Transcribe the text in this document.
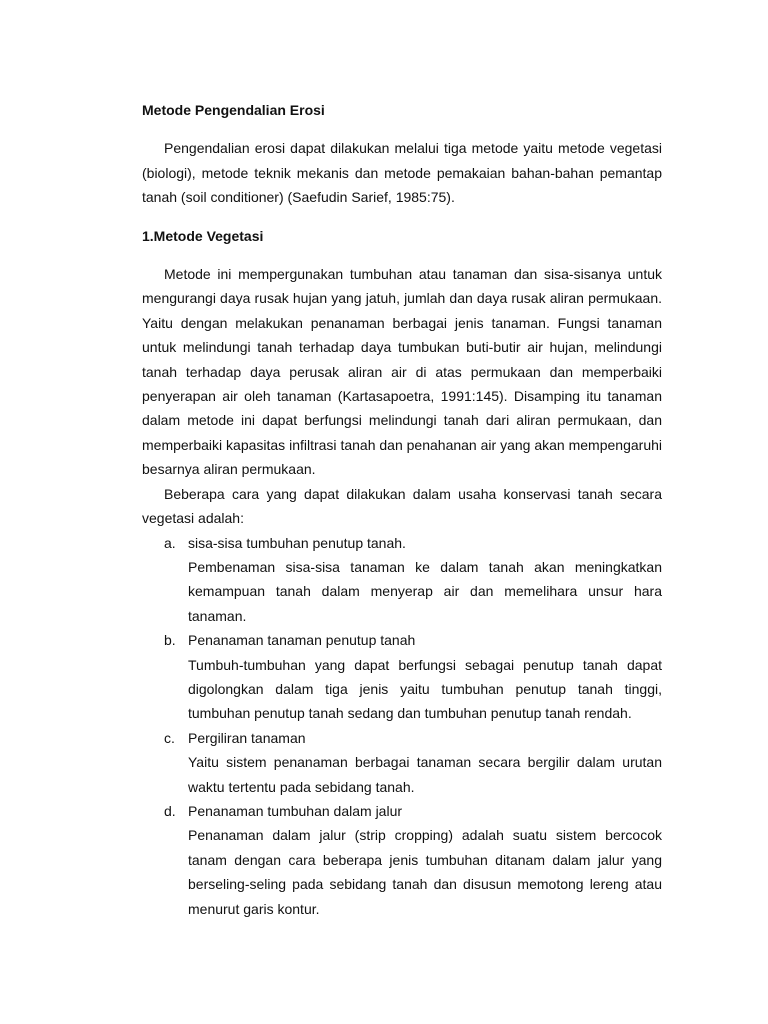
Metode Pengendalian Erosi

Pengendalian erosi dapat dilakukan melalui tiga metode yaitu metode vegetasi (biologi), metode teknik mekanis dan metode pemakaian bahan-bahan pemantap tanah (soil conditioner) (Saefudin Sarief, 1985:75).

1.Metode Vegetasi

Metode ini mempergunakan tumbuhan atau tanaman dan sisa-sisanya untuk mengurangi daya rusak hujan yang jatuh, jumlah dan daya rusak aliran permukaan. Yaitu dengan melakukan penanaman berbagai jenis tanaman. Fungsi tanaman untuk melindungi tanah terhadap daya tumbukan buti-butir air hujan, melindungi tanah terhadap daya perusak aliran air di atas permukaan dan memperbaiki penyerapan air oleh tanaman (Kartasapoetra, 1991:145). Disamping itu tanaman dalam metode ini dapat berfungsi melindungi tanah dari aliran permukaan, dan memperbaiki kapasitas infiltrasi tanah dan penahanan air yang akan mempengaruhi besarnya aliran permukaan.

Beberapa cara yang dapat dilakukan dalam usaha konservasi tanah secara vegetasi adalah:

a. sisa-sisa tumbuhan penutup tanah.
Pembenaman sisa-sisa tanaman ke dalam tanah akan meningkatkan kemampuan tanah dalam menyerap air dan memelihara unsur hara tanaman.
b. Penanaman tanaman penutup tanah
Tumbuh-tumbuhan yang dapat berfungsi sebagai penutup tanah dapat digolongkan dalam tiga jenis yaitu tumbuhan penutup tanah tinggi, tumbuhan penutup tanah sedang dan tumbuhan penutup tanah rendah.
c. Pergiliran tanaman
Yaitu sistem penanaman berbagai tanaman secara bergilir dalam urutan waktu tertentu pada sebidang tanah.
d. Penanaman tumbuhan dalam jalur
Penanaman dalam jalur (strip cropping) adalah suatu sistem bercocok tanam dengan cara beberapa jenis tumbuhan ditanam dalam jalur yang berseling-seling pada sebidang tanah dan disusun memotong lereng atau menurut garis kontur.
